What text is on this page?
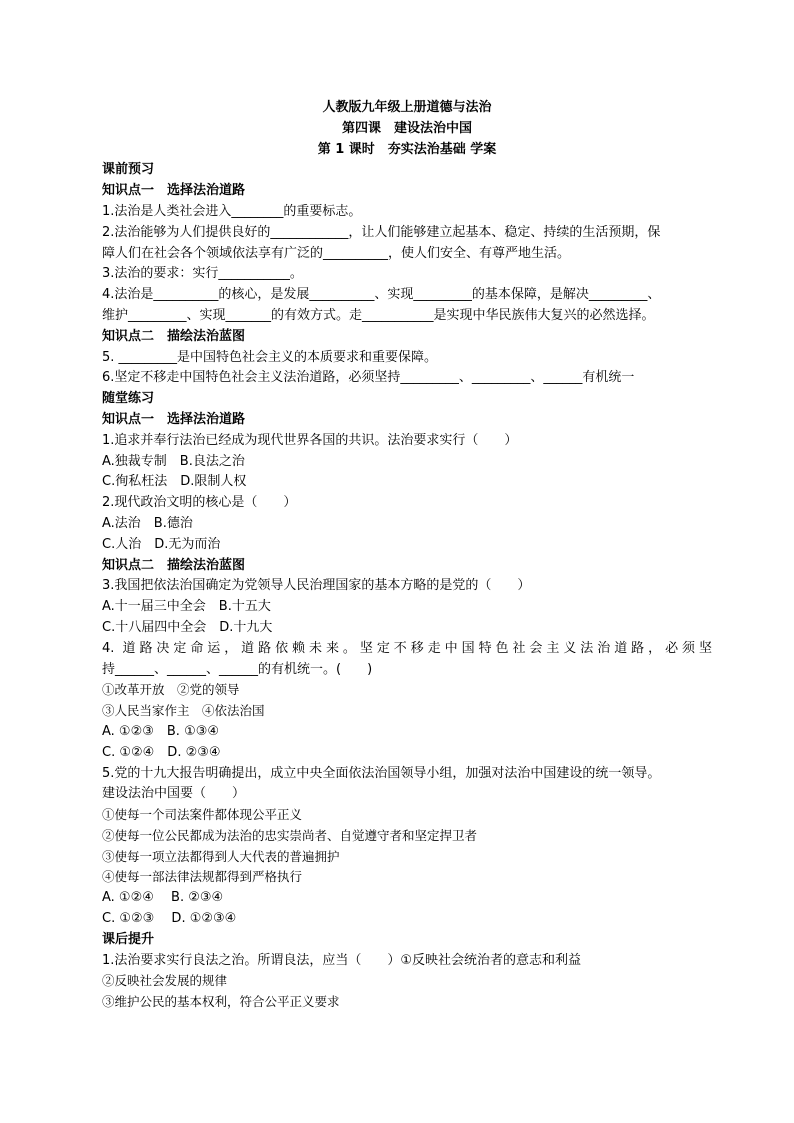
人教版九年级上册道德与法治
第四课　建设法治中国
第 1 课时　夯实法治基础 学案
课前预习
知识点一　选择法治道路
1.法治是人类社会进入________的重要标志。
2.法治能够为人们提供良好的____________，让人们能够建立起基本、稳定、持续的生活预期，保
障人们在社会各个领域依法享有广泛的__________，使人们安全、有尊严地生活。
3.法治的要求：实行___________。
4.法治是__________的核心，是发展__________、实现_________的基本保障，是解决_________、
维护_________、实现_______的有效方式。走___________是实现中华民族伟大复兴的必然选择。
知识点二　描绘法治蓝图
5. _________是中国特色社会主义的本质要求和重要保障。
6.坚定不移走中国特色社会主义法治道路，必须坚持_________、_________、______有机统一
随堂练习
知识点一　选择法治道路
1.追求并奉行法治已经成为现代世界各国的共识。法治要求实行（　　）
A.独裁专制　B.良法之治
C.徇私枉法　D.限制人权
2.现代政治文明的核心是（　　）
A.法治　B.德治
C.人治　D.无为而治
知识点二　描绘法治蓝图
3.我国把依法治国确定为党领导人民治理国家的基本方略的是党的（　　）
A.十一届三中全会　B.十五大
C.十八届四中全会　D.十九大
4. 道路决定命运，道路依赖未来。坚定不移走中国特色社会主义法治道路，必须坚
持______、______、______的有机统一。(　　)
①改革开放　②党的领导
③人民当家作主　④依法治国
A. ①②③　B. ①③④
C. ①②④　D. ②③④
5.党的十九大报告明确提出，成立中央全面依法治国领导小组，加强对法治中国建设的统一领导。
建设法治中国要（　　）
①使每一个司法案件都体现公平正义
②使每一位公民都成为法治的忠实崇尚者、自觉遵守者和坚定捍卫者
③使每一项立法都得到人大代表的普遍拥护
④使每一部法律法规都得到严格执行
A. ①②④　 B. ②③④
C. ①②③　 D. ①②③④
课后提升
1.法治要求实行良法之治。所谓良法，应当（　　）①反映社会统治者的意志和利益
②反映社会发展的规律
③维护公民的基本权利，符合公平正义要求
